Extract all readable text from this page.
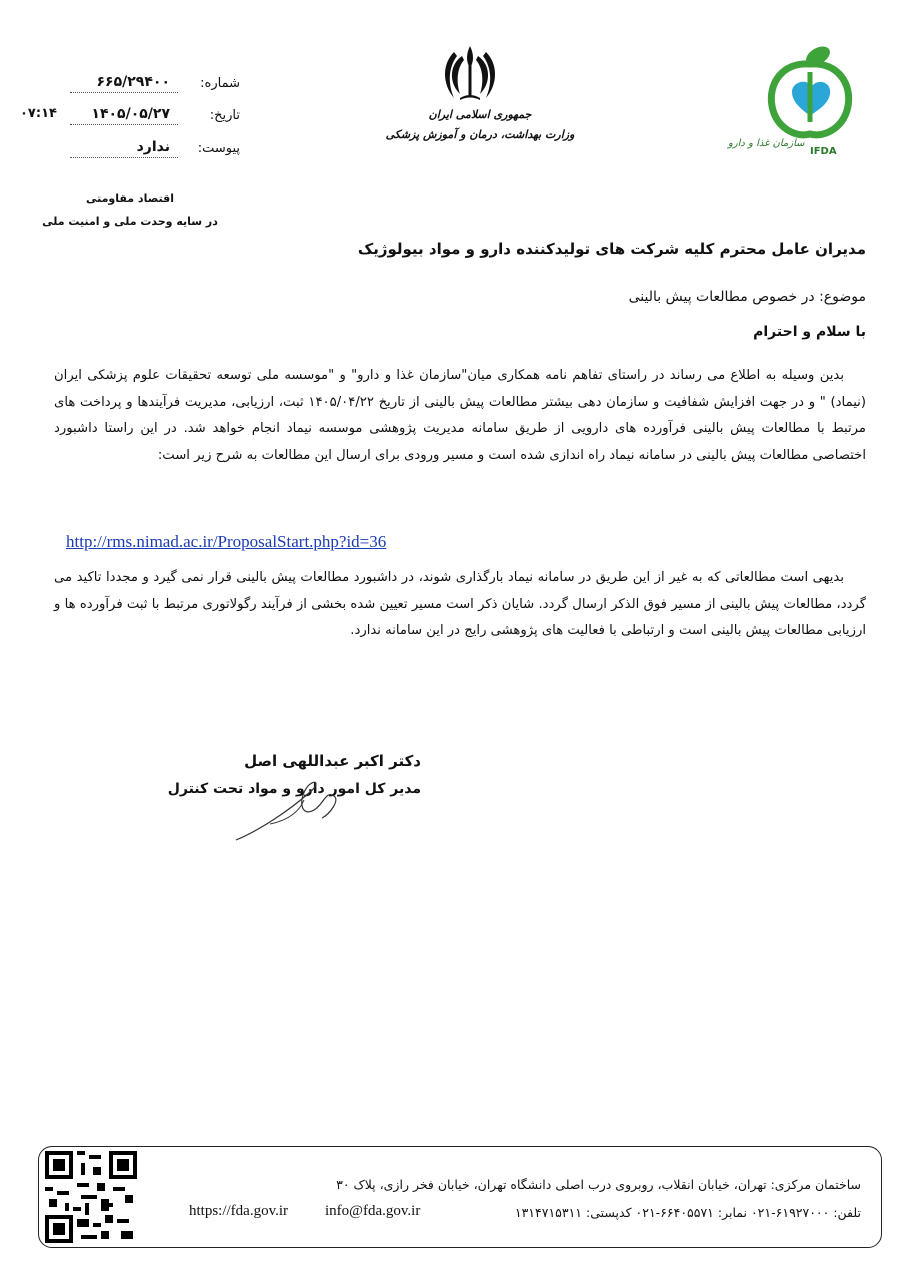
جمهوری اسلامی ایران
وزارت بهداشت، درمان و آموزش پزشکی
سازمان غذا و دارو
IFDA
شماره:
۶۶۵/۲۹۴۰۰
تاریخ:
۱۴۰۵/۰۵/۲۷
۰۷:۱۴
پیوست:
ندارد
اقتصاد مقاومتی
در سایه وحدت ملی و امنیت ملی
مدیران عامل محترم کلیه شرکت های تولیدکننده دارو و مواد بیولوژیک
موضوع: در خصوص مطالعات پیش بالینی
با سلام و احترام
بدین وسیله به اطلاع می رساند در راستای تفاهم نامه همکاری میان"سازمان غذا و دارو" و "موسسه ملی توسعه تحقیقات علوم پزشکی ایران (نیماد) " و در جهت افزایش شفافیت و سازمان دهی بیشتر مطالعات پیش بالینی از تاریخ ۱۴۰۵/۰۴/۲۲ ثبت، ارزیابی، مدیریت فرآیندها و پرداخت های مرتبط با مطالعات پیش بالینی فرآورده های دارویی از طریق سامانه مدیریت پژوهشی موسسه نیماد انجام خواهد شد. در این راستا داشبورد اختصاصی مطالعات پیش بالینی در سامانه نیماد راه اندازی شده است و مسیر ورودی برای ارسال این مطالعات به شرح زیر است:
http://rms.nimad.ac.ir/ProposalStart.php?id=36
بدیهی است مطالعاتی که به غیر از این طریق در سامانه نیماد بارگذاری شوند، در داشبورد مطالعات پیش بالینی قرار نمی گیرد و مجددا تاکید می گردد، مطالعات پیش بالینی از مسیر فوق الذکر ارسال گردد. شایان ذکر است مسیر تعیین شده بخشی از فرآیند رگولاتوری مرتبط با ثبت فرآورده ها و ارزیابی مطالعات پیش بالینی است و ارتباطی با فعالیت های پژوهشی رایج در این سامانه ندارد.
دکتر اکبر عبداللهی اصل
مدیر کل امور دارو و مواد تحت کنترل
ساختمان مرکزی: تهران، خیابان انقلاب، روبروی درب اصلی دانشگاه تهران، خیابان فخر رازی، پلاک ۳۰
تلفن: ۶۱۹۲۷۰۰۰-۰۲۱ نمابر: ۶۶۴۰۵۵۷۱-۰۲۱ کدپستی: ۱۳۱۴۷۱۵۳۱۱
info@fda.gov.ir
https://fda.gov.ir
